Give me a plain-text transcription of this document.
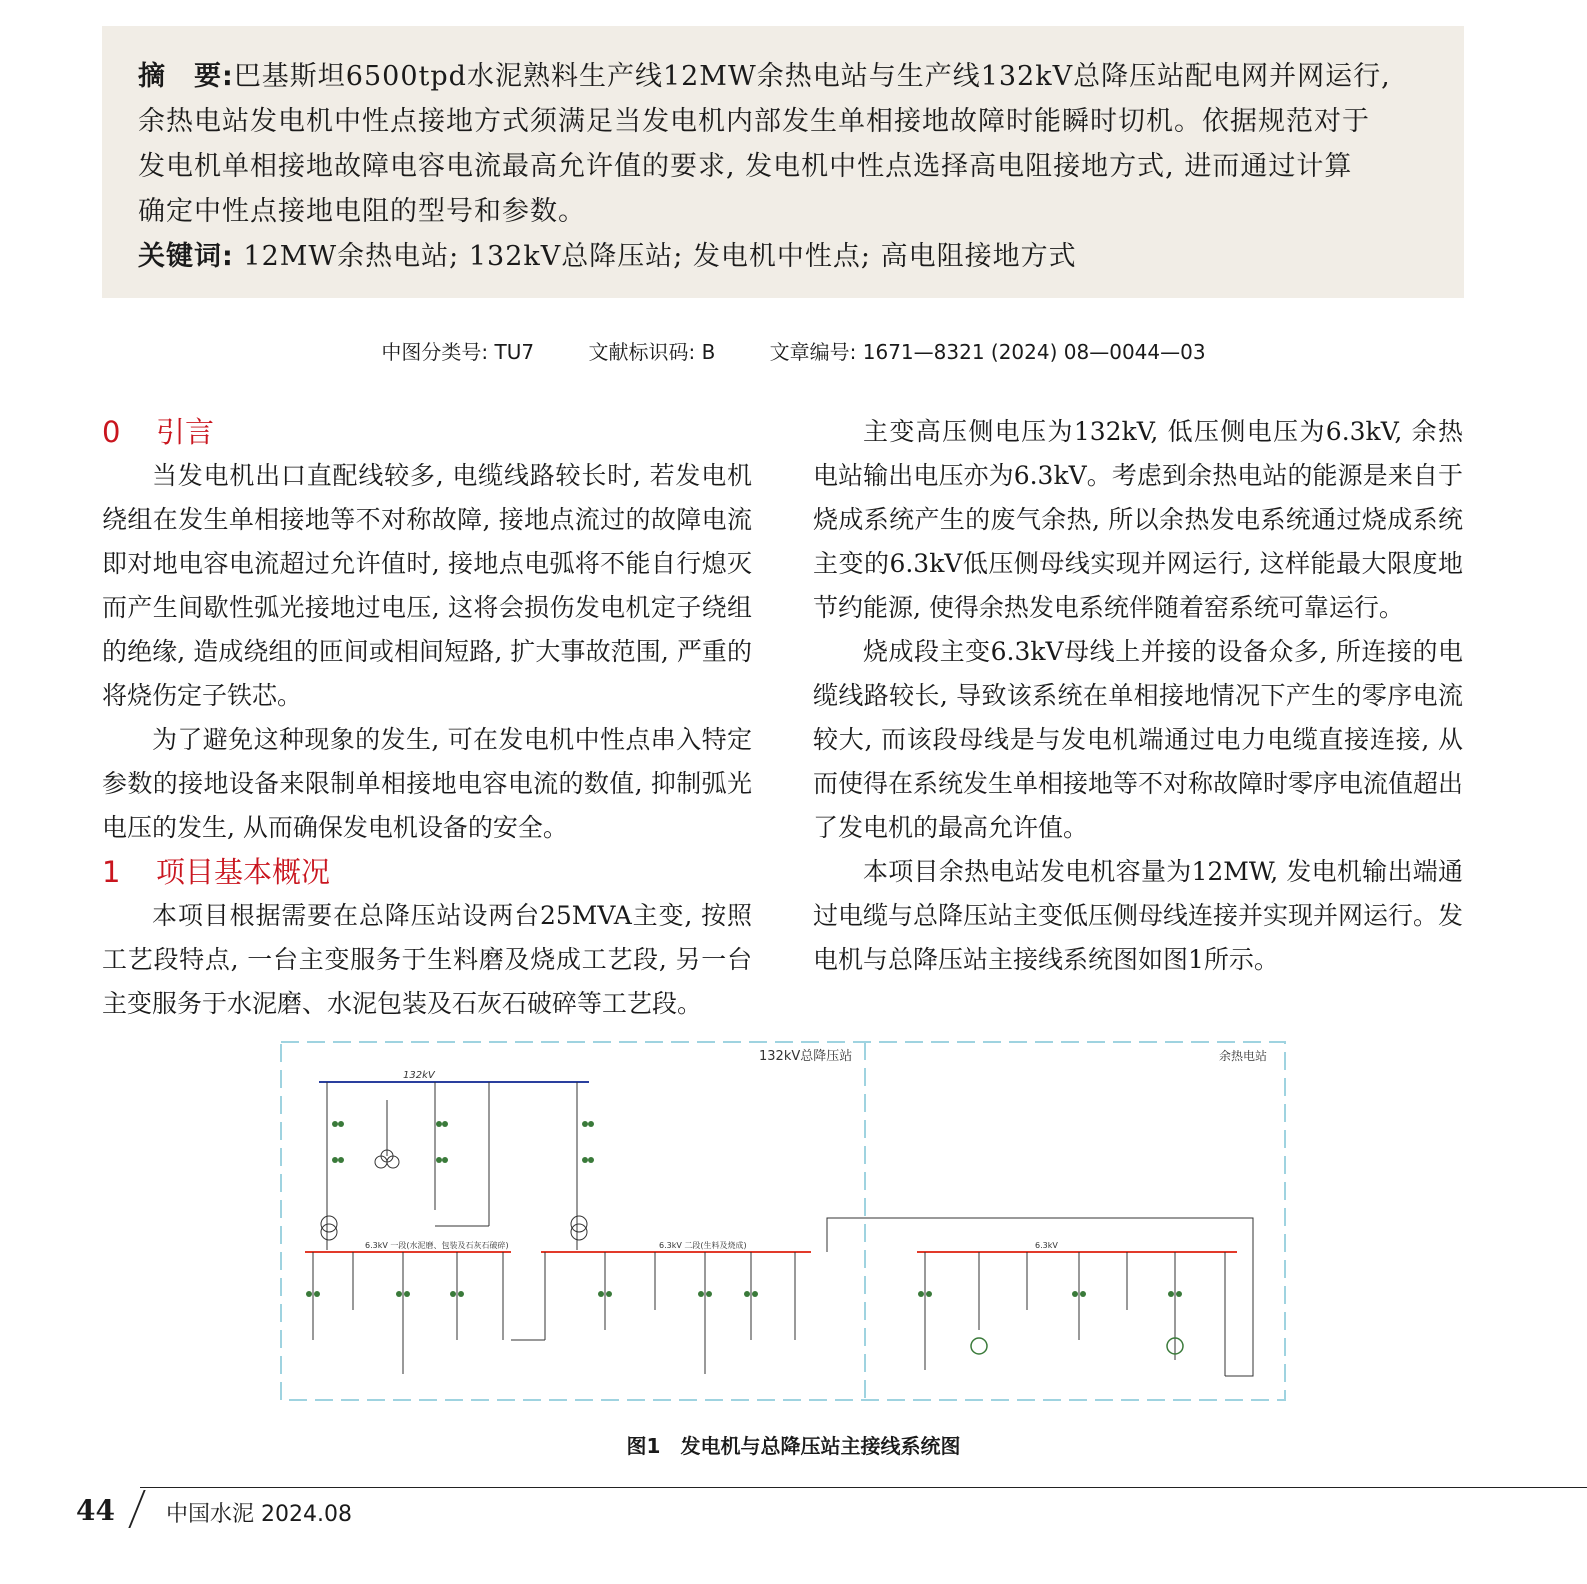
摘　要:巴基斯坦6500tpd水泥熟料生产线12MW余热电站与生产线132kV总降压站配电网并网运行,
余热电站发电机中性点接地方式须满足当发电机内部发生单相接地故障时能瞬时切机。依据规范对于
发电机单相接地故障电容电流最高允许值的要求, 发电机中性点选择高电阻接地方式, 进而通过计算
确定中性点接地电阻的型号和参数。
关键词: 12MW余热电站; 132kV总降压站; 发电机中性点; 高电阻接地方式
中图分类号: TU7	文献标识码: B	文章编号: 1671—8321 (2024) 08—0044—03
0 引言

当发电机出口直配线较多, 电缆线路较长时, 若发电机绕组在发生单相接地等不对称故障, 接地点流过的故障电流即对地电容电流超过允许值时, 接地点电弧将不能自行熄灭而产生间歇性弧光接地过电压, 这将会损伤发电机定子绕组的绝缘, 造成绕组的匝间或相间短路, 扩大事故范围, 严重的将烧伤定子铁芯。

为了避免这种现象的发生, 可在发电机中性点串入特定参数的接地设备来限制单相接地电容电流的数值, 抑制弧光电压的发生, 从而确保发电机设备的安全。

1 项目基本概况

本项目根据需要在总降压站设两台25MVA主变, 按照工艺段特点, 一台主变服务于生料磨及烧成工艺段, 另一台主变服务于水泥磨、水泥包装及石灰石破碎等工艺段。

主变高压侧电压为132kV, 低压侧电压为6.3kV, 余热电站输出电压亦为6.3kV。考虑到余热电站的能源是来自于烧成系统产生的废气余热, 所以余热发电系统通过烧成系统主变的6.3kV低压侧母线实现并网运行, 这样能最大限度地节约能源, 使得余热发电系统伴随着窑系统可靠运行。

烧成段主变6.3kV母线上并接的设备众多, 所连接的电缆线路较长, 导致该系统在单相接地情况下产生的零序电流较大, 而该段母线是与发电机端通过电力电缆直接连接, 从而使得在系统发生单相接地等不对称故障时零序电流值超出了发电机的最高允许值。

本项目余热电站发电机容量为12MW, 发电机输出端通过电缆与总降压站主变低压侧母线连接并实现并网运行。发电机与总降压站主接线系统图如图1所示。

132kV总降压站	余热电站
132kV
6.3kV 一段(水泥磨、包装及石灰石破碎)	6.3kV 二段(生料及烧成)	6.3kV
图1　发电机与总降压站主接线系统图
44 中国水泥 2024.08
